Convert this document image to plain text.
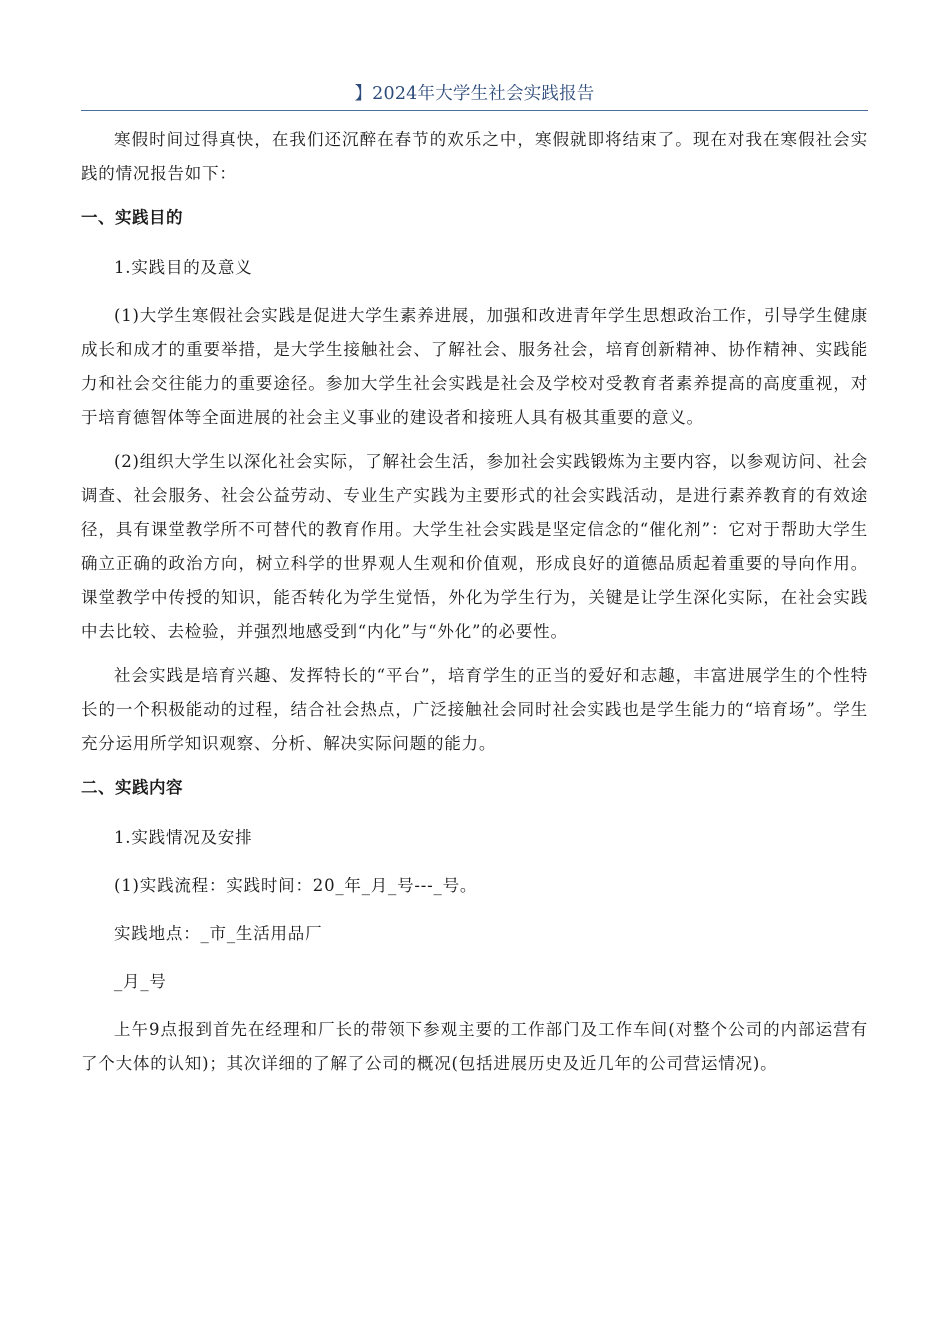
】2024年大学生社会实践报告

寒假时间过得真快，在我们还沉醉在春节的欢乐之中，寒假就即将结束了。现在对我在寒假社会实践的情况报告如下：

一、实践目的
1.实践目的及意义

(1)大学生寒假社会实践是促进大学生素养进展，加强和改进青年学生思想政治工作，引导学生健康成长和成才的重要举措，是大学生接触社会、了解社会、服务社会，培育创新精神、协作精神、实践能力和社会交往能力的重要途径。参加大学生社会实践是社会及学校对受教育者素养提高的高度重视，对于培育德智体等全面进展的社会主义事业的建设者和接班人具有极其重要的意义。

(2)组织大学生以深化社会实际，了解社会生活，参加社会实践锻炼为主要内容，以参观访问、社会调查、社会服务、社会公益劳动、专业生产实践为主要形式的社会实践活动，是进行素养教育的有效途径，具有课堂教学所不可替代的教育作用。大学生社会实践是坚定信念的“催化剂”：它对于帮助大学生确立正确的政治方向，树立科学的世界观人生观和价值观，形成良好的道德品质起着重要的导向作用。课堂教学中传授的知识，能否转化为学生觉悟，外化为学生行为，关键是让学生深化实际，在社会实践中去比较、去检验，并强烈地感受到“内化”与“外化”的必要性。

社会实践是培育兴趣、发挥特长的“平台”，培育学生的正当的爱好和志趣，丰富进展学生的个性特长的一个积极能动的过程，结合社会热点，广泛接触社会同时社会实践也是学生能力的“培育场”。学生充分运用所学知识观察、分析、解决实际问题的能力。

二、实践内容
1.实践情况及安排
(1)实践流程：实践时间：20_年_月_号---_号。
实践地点：_市_生活用品厂
_月_号

上午9点报到首先在经理和厂长的带领下参观主要的工作部门及工作车间(对整个公司的内部运营有了个大体的认知)；其次详细的了解了公司的概况(包括进展历史及近几年的公司营运情况)。
